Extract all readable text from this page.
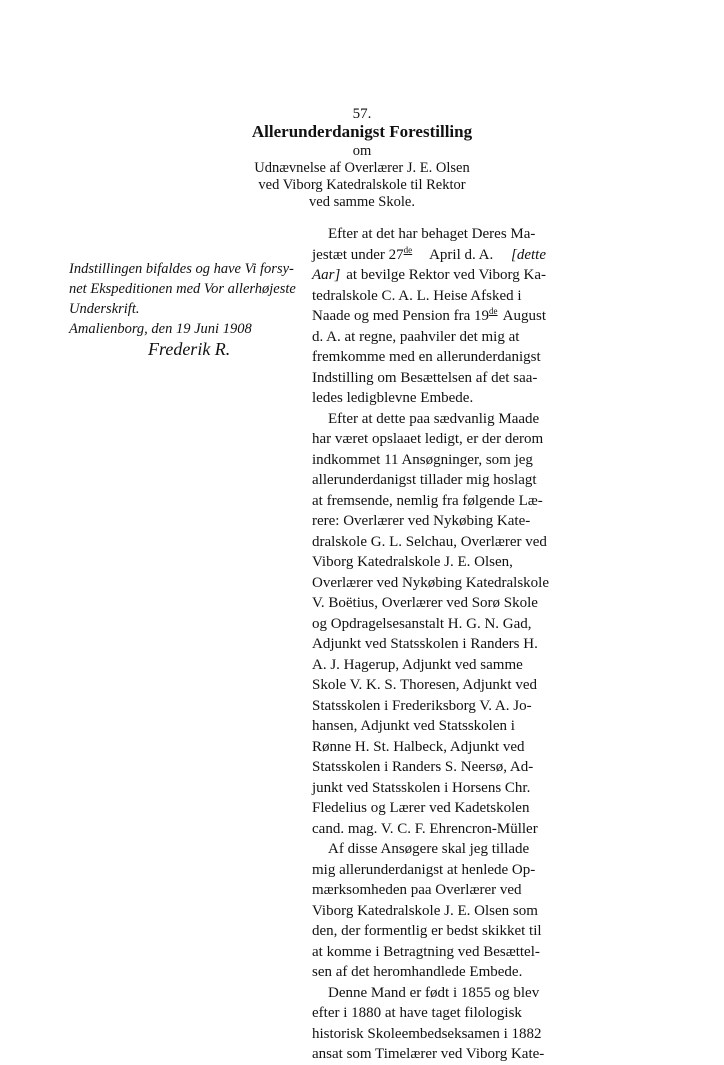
57.
Allerunderdanigst Forestilling
om
Udnævnelse af Overlærer J. E. Olsen
ved Viborg Katedralskole til Rektor
ved samme Skole.
Indstillingen bifaldes og have Vi forsy-
net Ekspeditionen med Vor allerhøjeste
Underskrift.
Amalienborg, den 19 Juni 1908
Frederik R.
Efter at det har behaget Deres Ma-
jestæt under 27de April d. A. [dette
Aar] at bevilge Rektor ved Viborg Ka-
tedralskole C. A. L. Heise Afsked i
Naade og med Pension fra 19de August
d. A. at regne, paahviler det mig at
fremkomme med en allerunderdanigst
Indstilling om Besættelsen af det saa-
ledes ledigblevne Embede.
Efter at dette paa sædvanlig Maade
har været opslaaet ledigt, er der derom
indkommet 11 Ansøgninger, som jeg
allerunderdanigst tillader mig hoslagt
at fremsende, nemlig fra følgende Læ-
rere: Overlærer ved Nykøbing Kate-
dralskole G. L. Selchau, Overlærer ved
Viborg Katedralskole J. E. Olsen,
Overlærer ved Nykøbing Katedralskole
V. Boëtius, Overlærer ved Sorø Skole
og Opdragelsesanstalt H. G. N. Gad,
Adjunkt ved Statsskolen i Randers H.
A. J. Hagerup, Adjunkt ved samme
Skole V. K. S. Thoresen, Adjunkt ved
Statsskolen i Frederiksborg V. A. Jo-
hansen, Adjunkt ved Statsskolen i
Rønne H. St. Halbeck, Adjunkt ved
Statsskolen i Randers S. Neersø, Ad-
junkt ved Statsskolen i Horsens Chr.
Fledelius og Lærer ved Kadetskolen
cand. mag. V. C. F. Ehrencron-Müller
Af disse Ansøgere skal jeg tillade
mig allerunderdanigst at henlede Op-
mærksomheden paa Overlærer ved
Viborg Katedralskole J. E. Olsen som
den, der formentlig er bedst skikket til
at komme i Betragtning ved Besættel-
sen af det heromhandlede Embede.
Denne Mand er født i 1855 og blev
efter i 1880 at have taget filologisk
historisk Skoleembedseksamen i 1882
ansat som Timelærer ved Viborg Kate-
